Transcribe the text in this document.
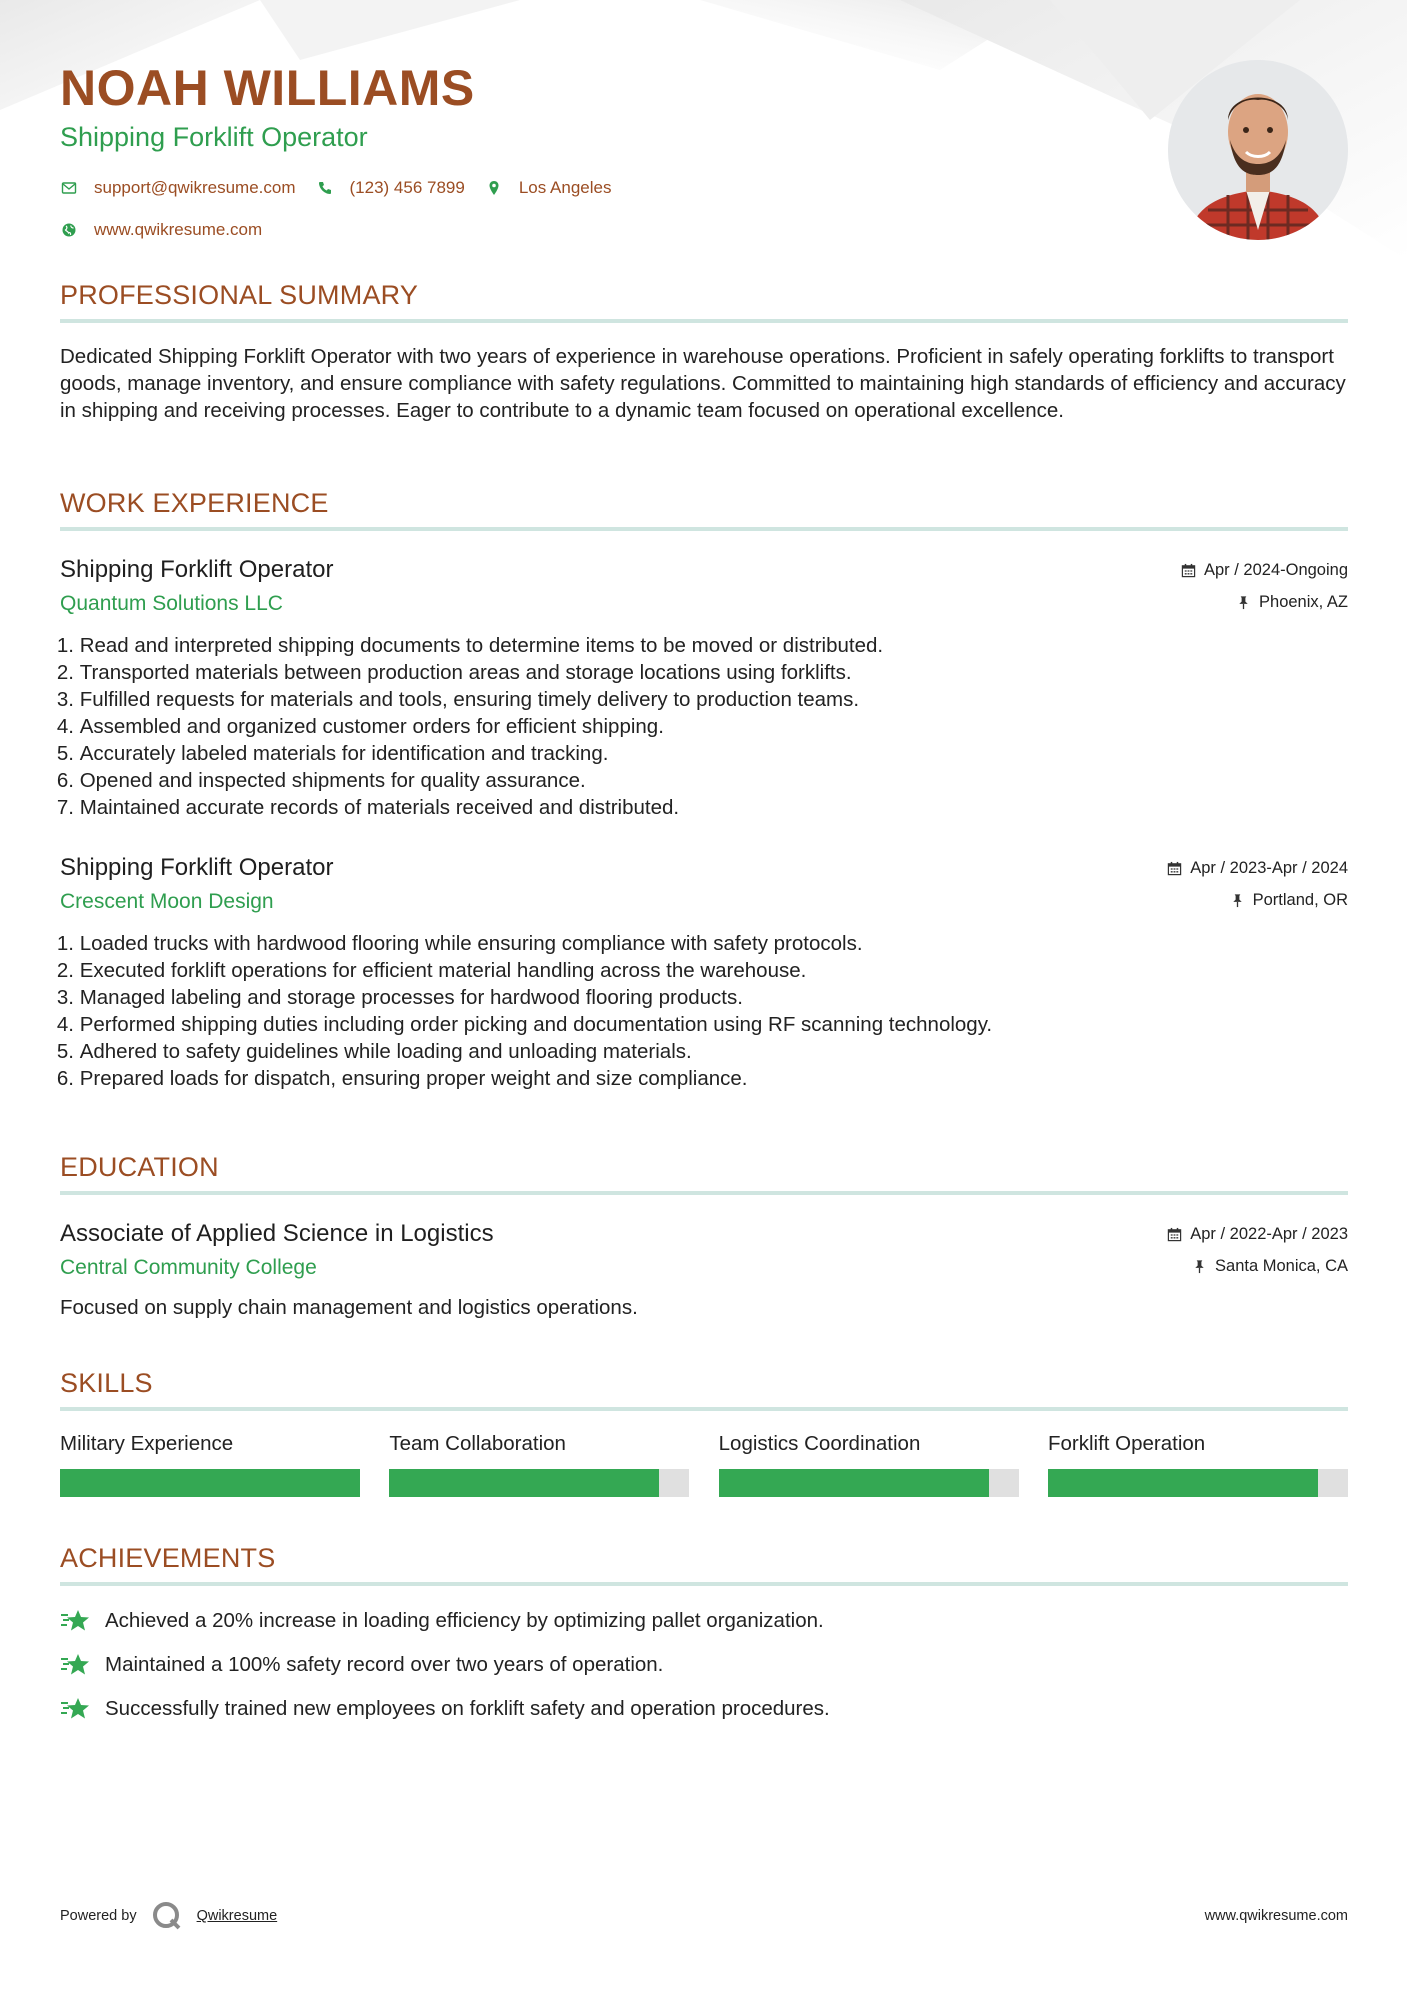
NOAH WILLIAMS
Shipping Forklift Operator
support@qwikresume.com	(123) 456 7899	Los Angeles
www.qwikresume.com
PROFESSIONAL SUMMARY

Dedicated Shipping Forklift Operator with two years of experience in warehouse operations. Proficient in safely operating forklifts to transport goods, manage inventory, and ensure compliance with safety regulations. Committed to maintaining high standards of efficiency and accuracy in shipping and receiving processes. Eager to contribute to a dynamic team focused on operational excellence.

WORK EXPERIENCE
Shipping Forklift Operator
Quantum Solutions LLC
Apr / 2024-Ongoing
Phoenix, AZ
1.
Read and interpreted shipping documents to determine items to be moved or distributed.
2.
Transported materials between production areas and storage locations using forklifts.
3.
Fulfilled requests for materials and tools, ensuring timely delivery to production teams.
4.
Assembled and organized customer orders for efficient shipping.
5.
Accurately labeled materials for identification and tracking.
6.
Opened and inspected shipments for quality assurance.
7.
Maintained accurate records of materials received and distributed.
Shipping Forklift Operator
Crescent Moon Design
Apr / 2023-Apr / 2024
Portland, OR
1.
Loaded trucks with hardwood flooring while ensuring compliance with safety protocols.
2.
Executed forklift operations for efficient material handling across the warehouse.
3.
Managed labeling and storage processes for hardwood flooring products.
4.
Performed shipping duties including order picking and documentation using RF scanning technology.
5.
Adhered to safety guidelines while loading and unloading materials.
6.
Prepared loads for dispatch, ensuring proper weight and size compliance.
EDUCATION
Associate of Applied Science in Logistics
Central Community College
Apr / 2022-Apr / 2023
Santa Monica, CA

Focused on supply chain management and logistics operations.

SKILLS
Military Experience	Team Collaboration	Logistics Coordination	Forklift Operation
ACHIEVEMENTS
Achieved a 20% increase in loading efficiency by optimizing pallet organization.
Maintained a 100% safety record over two years of operation.
Successfully trained new employees on forklift safety and operation procedures.
Powered by	Qwikresume	www.qwikresume.com
